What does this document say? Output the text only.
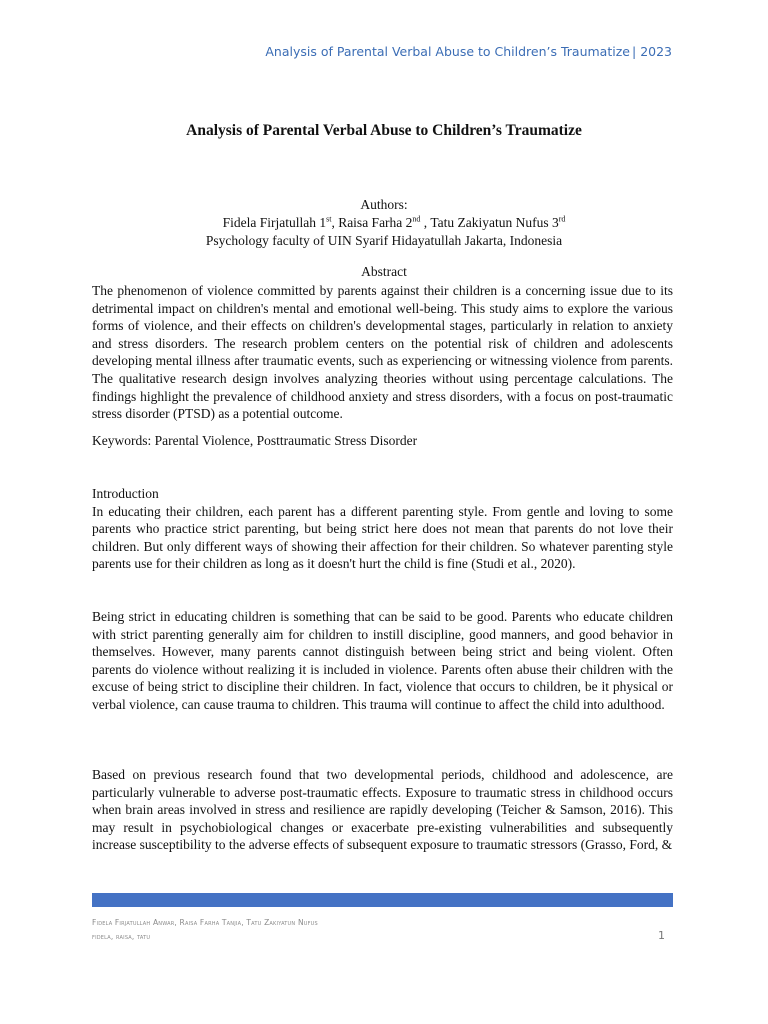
Analysis of Parental Verbal Abuse to Children’s Traumatize | 2023
Analysis of Parental Verbal Abuse to Children’s Traumatize
Authors:
Fidela Firjatullah 1st, Raisa Farha 2nd , Tatu Zakiyatun Nufus 3rd
Psychology faculty of UIN Syarif Hidayatullah Jakarta, Indonesia
Abstract

The phenomenon of violence committed by parents against their children is a concerning issue due to its detrimental impact on children's mental and emotional well-being. This study aims to explore the various forms of violence, and their effects on children's developmental stages, particularly in relation to anxiety and stress disorders. The research problem centers on the potential risk of children and adolescents developing mental illness after traumatic events, such as experiencing or witnessing violence from parents. The qualitative research design involves analyzing theories without using percentage calculations. The findings highlight the prevalence of childhood anxiety and stress disorders, with a focus on post-traumatic stress disorder (PTSD) as a potential outcome.

Keywords: Parental Violence, Posttraumatic Stress Disorder
Introduction

In educating their children, each parent has a different parenting style. From gentle and loving to some parents who practice strict parenting, but being strict here does not mean that parents do not love their children. But only different ways of showing their affection for their children. So whatever parenting style parents use for their children as long as it doesn't hurt the child is fine (Studi et al., 2020).

Being strict in educating children is something that can be said to be good. Parents who educate children with strict parenting generally aim for children to instill discipline, good manners, and good behavior in themselves. However, many parents cannot distinguish between being strict and being violent. Often parents do violence without realizing it is included in violence. Parents often abuse their children with the excuse of being strict to discipline their children. In fact, violence that occurs to children, be it physical or verbal violence, can cause trauma to children. This trauma will continue to affect the child into adulthood.

Based on previous research found that two developmental periods, childhood and adolescence, are particularly vulnerable to adverse post-traumatic effects. Exposure to traumatic stress in childhood occurs when brain areas involved in stress and resilience are rapidly developing (Teicher & Samson, 2016). This may result in psychobiological changes or exacerbate pre-existing vulnerabilities and subsequently increase susceptibility to the adverse effects of subsequent exposure to traumatic stressors (Grasso, Ford, &

Fidela Firjatullah Anwar, Raisa Farha Tanjia, Tatu Zakiyatun Nufus
fidela, raisa, tatu	1
